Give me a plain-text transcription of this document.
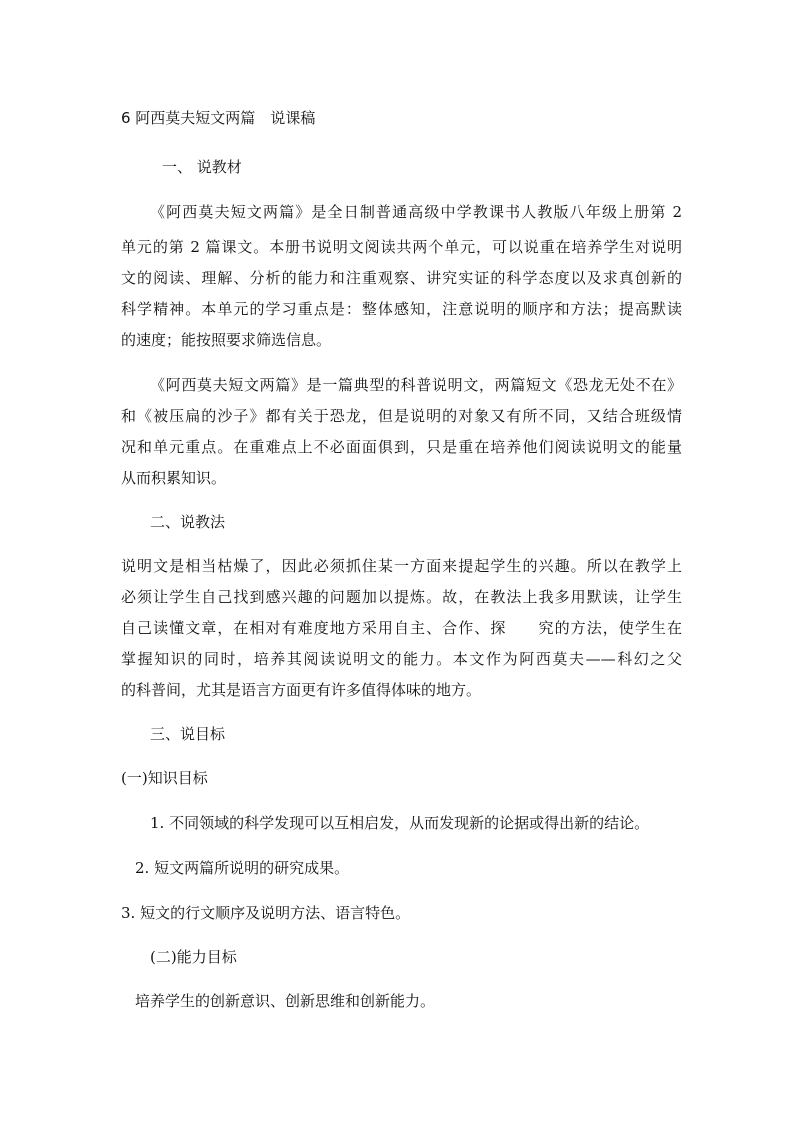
6 阿西莫夫短文两篇　说课稿
一、 说教材
《阿西莫夫短文两篇》是全日制普通高级中学教课书人教版八年级上册第 2
单元的第 2 篇课文。本册书说明文阅读共两个单元，可以说重在培养学生对说明
文的阅读、理解、分析的能力和注重观察、讲究实证的科学态度以及求真创新的
科学精神。本单元的学习重点是：整体感知，注意说明的顺序和方法；提高默读
的速度；能按照要求筛选信息。
《阿西莫夫短文两篇》是一篇典型的科普说明文，两篇短文《恐龙无处不在》
和《被压扁的沙子》都有关于恐龙，但是说明的对象又有所不同，又结合班级情
况和单元重点。在重难点上不必面面俱到，只是重在培养他们阅读说明文的能量
从而积累知识。
二、说教法
说明文是相当枯燥了，因此必须抓住某一方面来提起学生的兴趣。所以在教学上
必须让学生自己找到感兴趣的问题加以提炼。故，在教法上我多用默读，让学生
自己读懂文章，在相对有难度地方采用自主、合作、探　　究的方法，使学生在
掌握知识的同时，培养其阅读说明文的能力。本文作为阿西莫夫——科幻之父
的科普间，尤其是语言方面更有许多值得体味的地方。
三、说目标
(一)知识目标
1. 不同领域的科学发现可以互相启发，从而发现新的论据或得出新的结论。
2. 短文两篇所说明的研究成果。
3. 短文的行文顺序及说明方法、语言特色。
(二)能力目标
培养学生的创新意识、创新思维和创新能力。
